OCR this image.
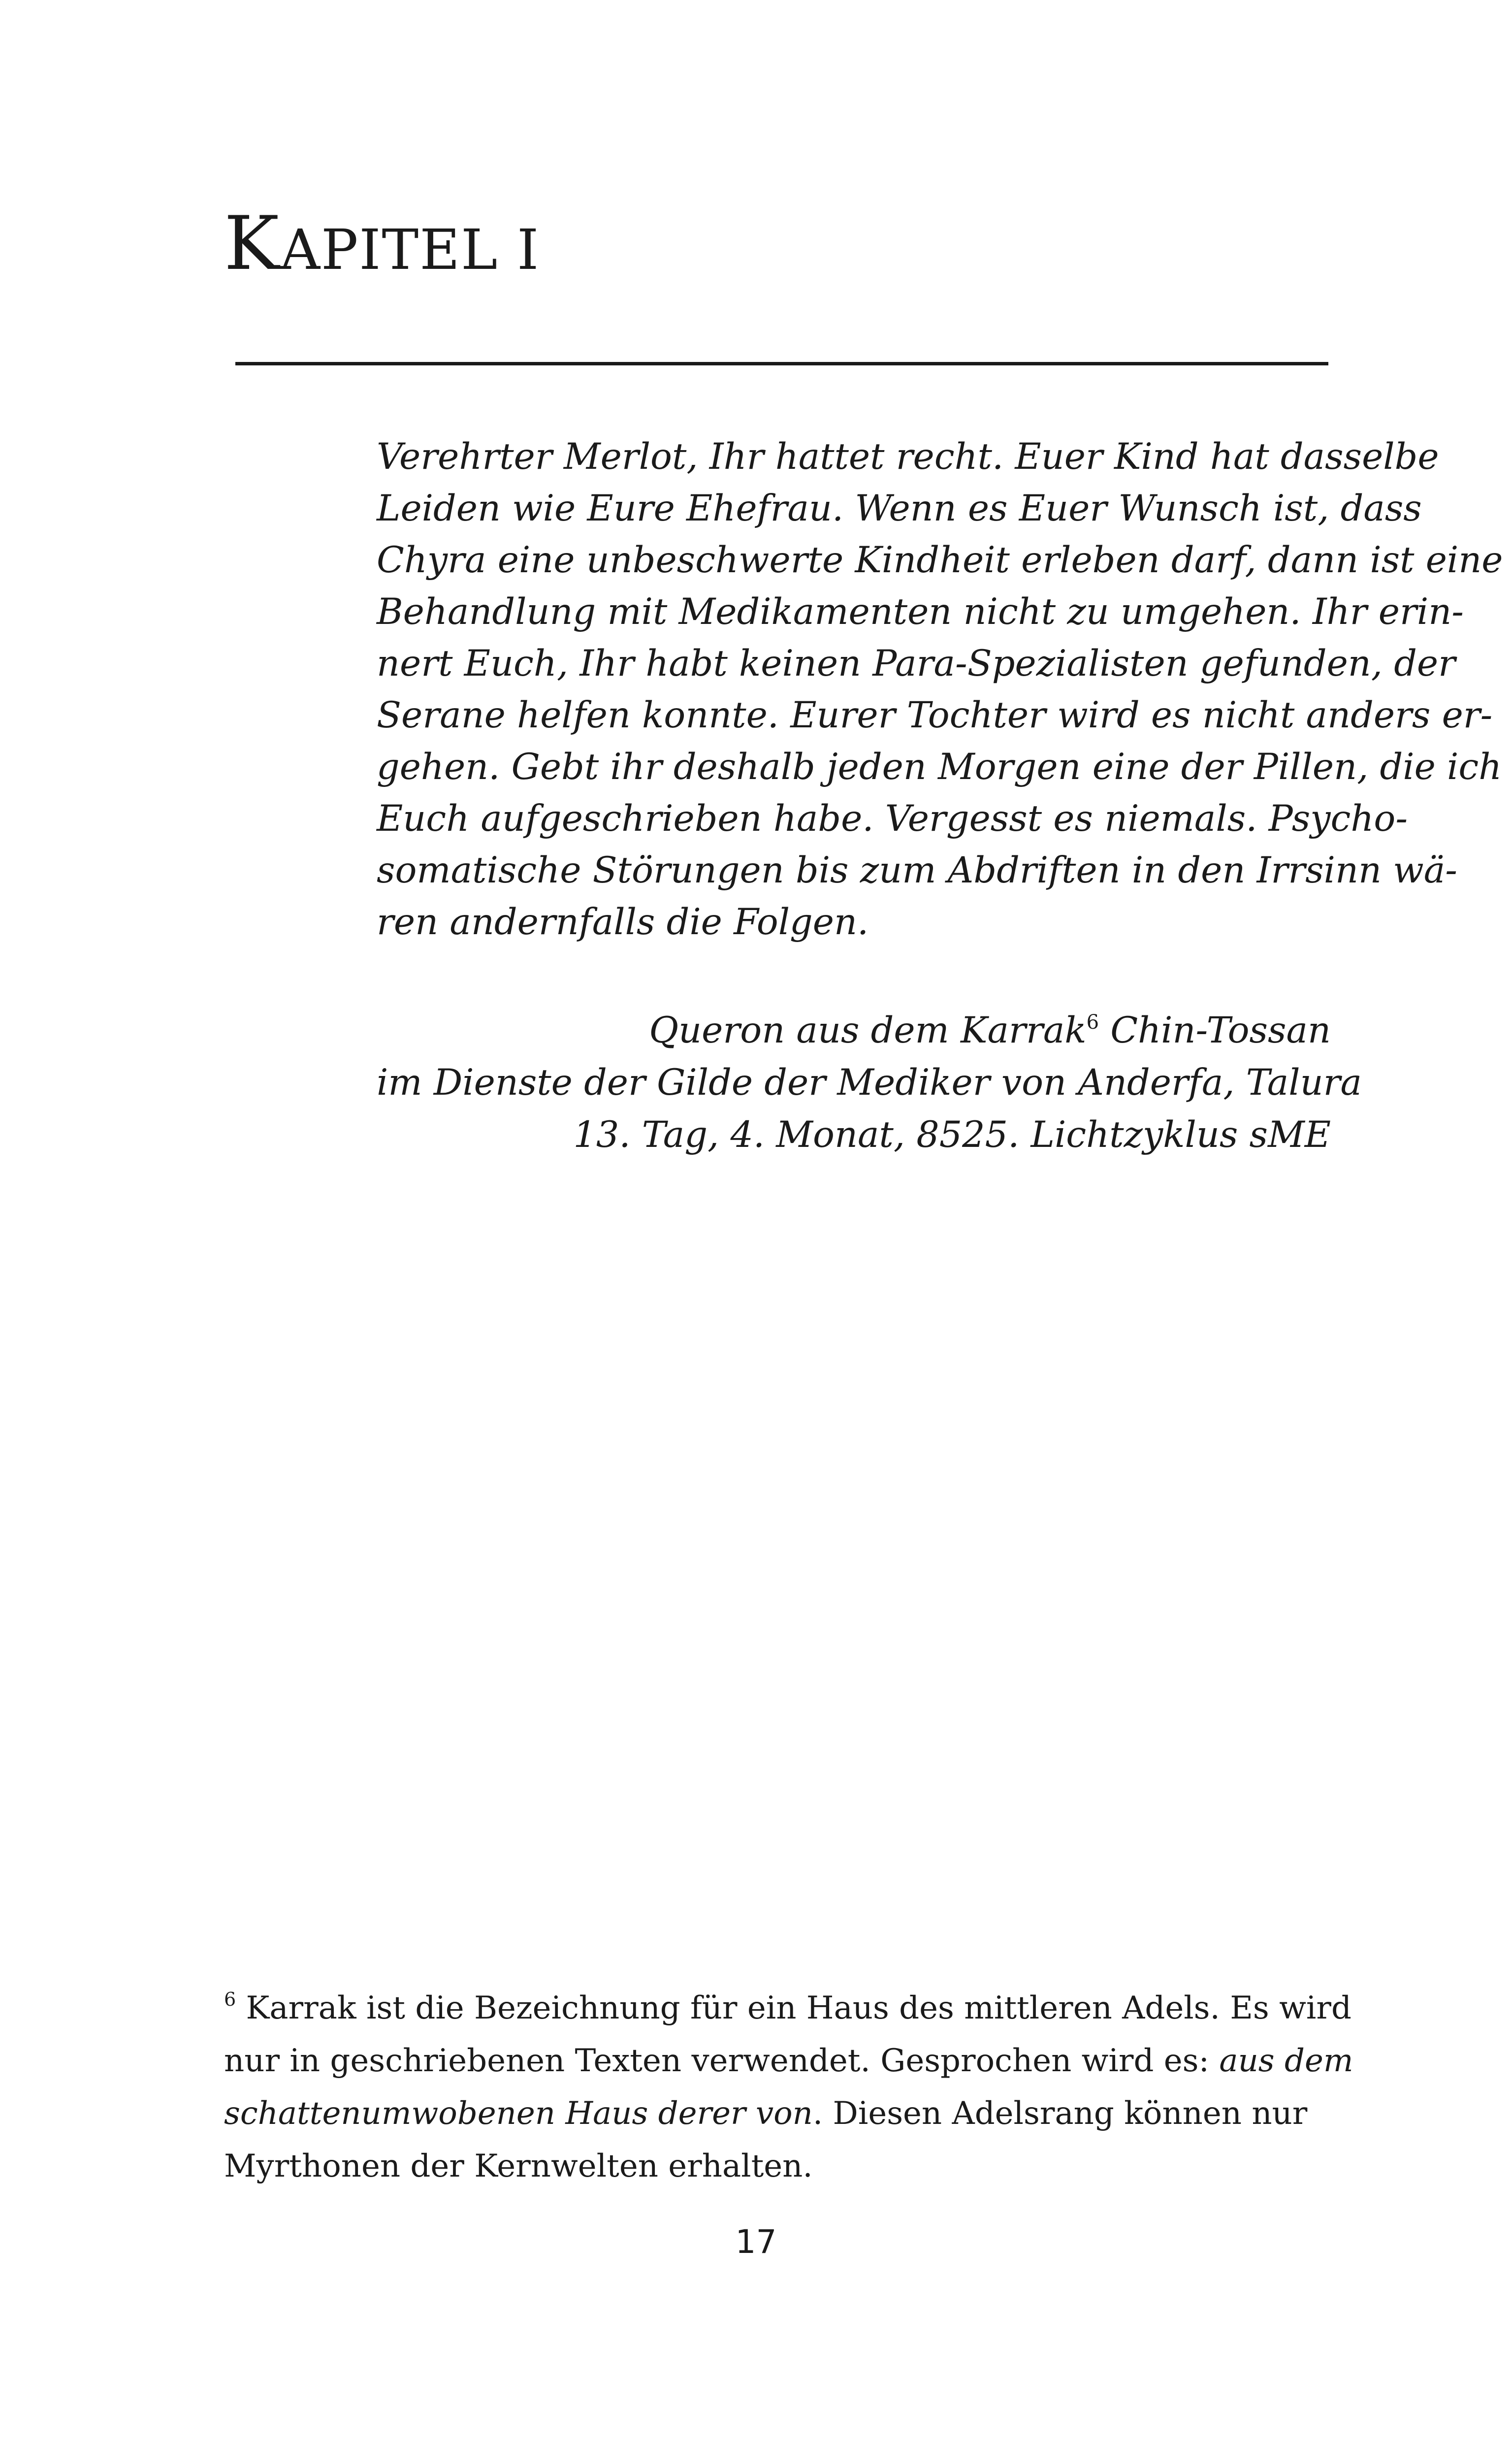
KAPITEL I
Verehrter Merlot, Ihr hattet recht. Euer Kind hat dasselbe
Leiden wie Eure Ehefrau. Wenn es Euer Wunsch ist, dass
Chyra eine unbeschwerte Kindheit erleben darf, dann ist eine
Behandlung mit Medikamenten nicht zu umgehen. Ihr erin-
nert Euch, Ihr habt keinen Para-Spezialisten gefunden, der
Serane helfen konnte. Eurer Tochter wird es nicht anders er-
gehen. Gebt ihr deshalb jeden Morgen eine der Pillen, die ich
Euch aufgeschrieben habe. Vergesst es niemals. Psycho-
somatische Störungen bis zum Abdriften in den Irrsinn wä-
ren andernfalls die Folgen.
Queron aus dem Karrak$^6$ Chin-Tossan
im Dienste der Gilde der Mediker von Anderfa, Talura
13. Tag, 4. Monat, 8525. Lichtzyklus sME
$^6$ Karrak ist die Bezeichnung für ein Haus des mittleren Adels. Es wird
nur in geschriebenen Texten verwendet. Gesprochen wird es: aus dem
schattenumwobenen Haus derer von. Diesen Adelsrang können nur
Myrthonen der Kernwelten erhalten.
17
